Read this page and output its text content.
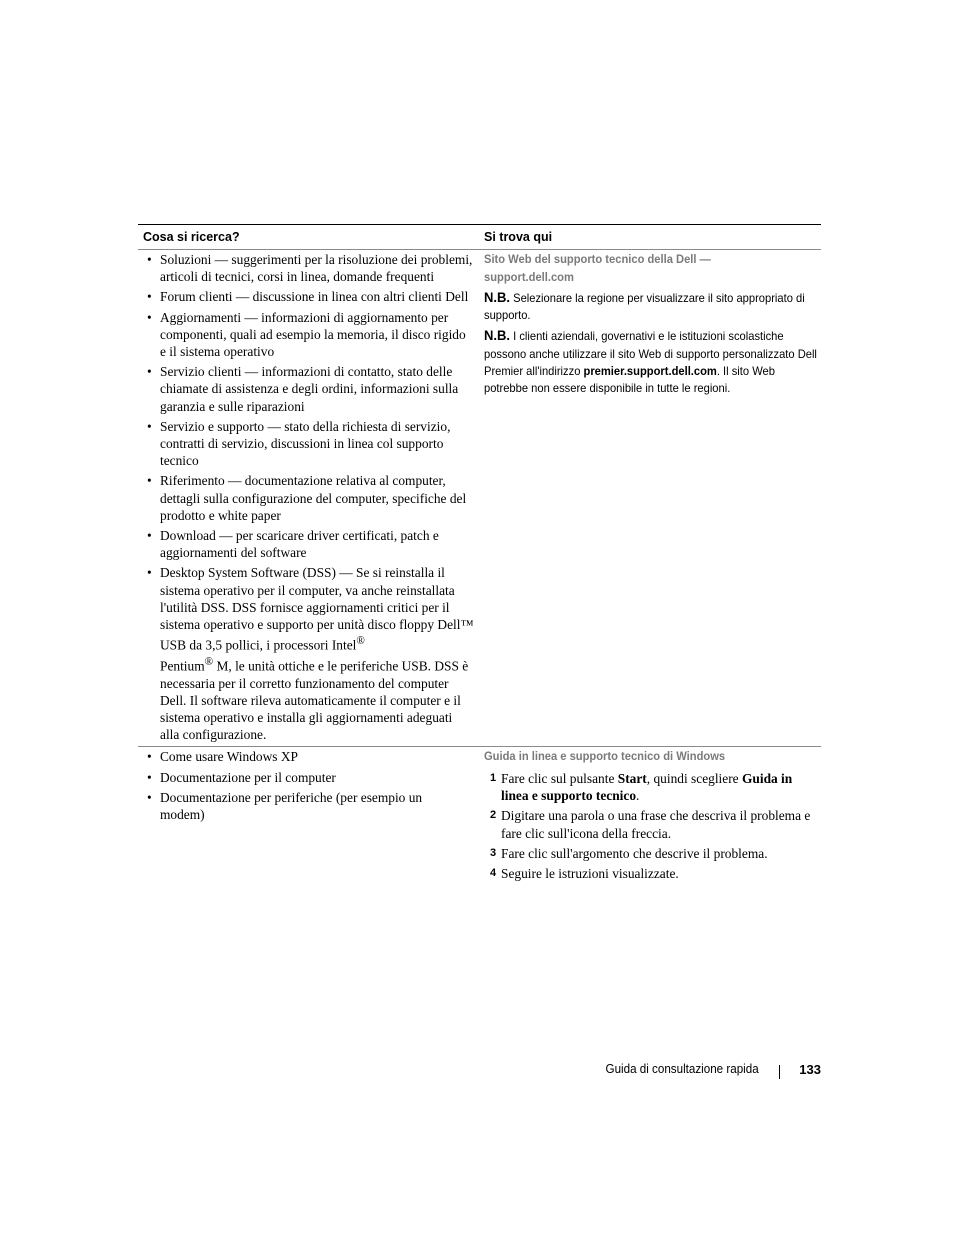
Cosa si ricerca?	Si trova qui
• Soluzioni — suggerimenti per la risoluzione dei problemi, articoli di tecnici, corsi in linea, domande frequenti
• Forum clienti — discussione in linea con altri clienti Dell
• Aggiornamenti — informazioni di aggiornamento per componenti, quali ad esempio la memoria, il disco rigido e il sistema operativo
• Servizio clienti — informazioni di contatto, stato delle chiamate di assistenza e degli ordini, informazioni sulla garanzia e sulle riparazioni
• Servizio e supporto — stato della richiesta di servizio, contratti di servizio, discussioni in linea col supporto tecnico
• Riferimento — documentazione relativa al computer, dettagli sulla configurazione del computer, specifiche del prodotto e white paper
• Download — per scaricare driver certificati, patch e aggiornamenti del software
• Desktop System Software (DSS) — Se si reinstalla il sistema operativo per il computer, va anche reinstallata l'utilità DSS. DSS fornisce aggiornamenti critici per il sistema operativo e supporto per unità disco floppy Dell™ USB da 3,5 pollici, i processori Intel®
Pentium® M, le unità ottiche e le periferiche USB. DSS è necessaria per il corretto funzionamento del computer Dell. Il software rileva automaticamente il computer e il sistema operativo e installa gli aggiornamenti adeguati alla configurazione.
Sito Web del supporto tecnico della Dell — support.dell.com
N.B. Selezionare la regione per visualizzare il sito appropriato di supporto.
N.B. I clienti aziendali, governativi e le istituzioni scolastiche possono anche utilizzare il sito Web di supporto personalizzato Dell Premier all'indirizzo premier.support.dell.com. Il sito Web potrebbe non essere disponibile in tutte le regioni.
• Come usare Windows XP
• Documentazione per il computer
• Documentazione per periferiche (per esempio un modem)
Guida in linea e supporto tecnico di Windows
1 Fare clic sul pulsante Start, quindi scegliere Guida in linea e supporto tecnico.
2 Digitare una parola o una frase che descriva il problema e fare clic sull'icona della freccia.
3 Fare clic sull'argomento che descrive il problema.
4 Seguire le istruzioni visualizzate.
Guida di consultazione rapida	133
